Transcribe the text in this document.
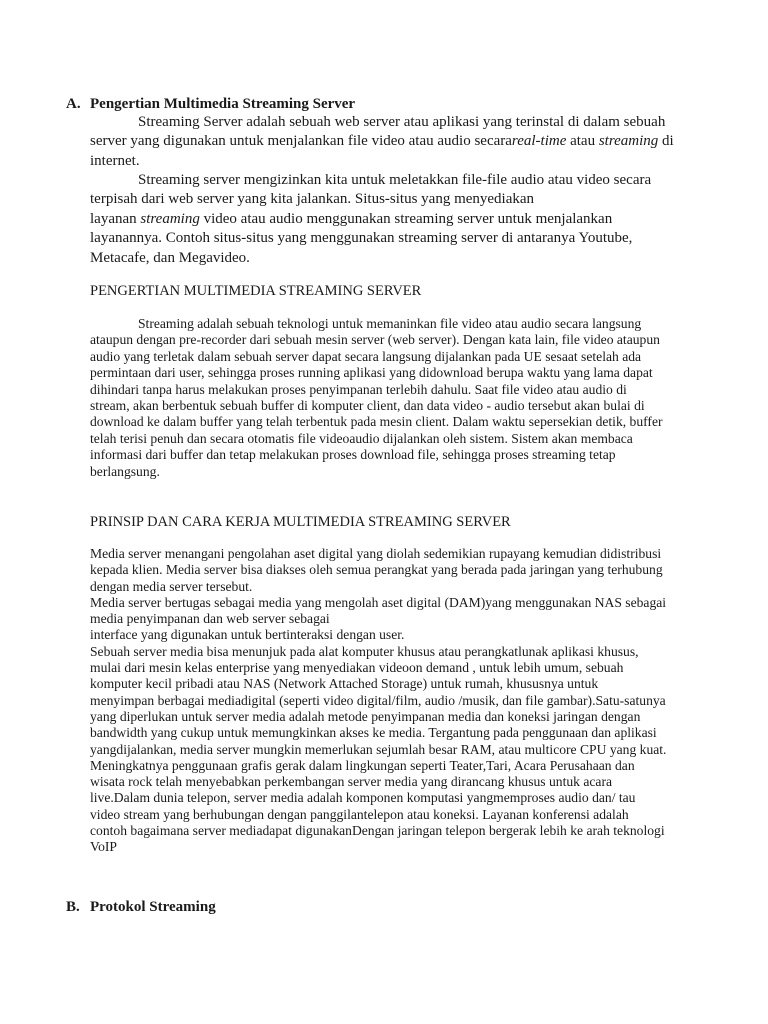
A. Pengertian Multimedia Streaming Server
Streaming Server adalah sebuah web server atau aplikasi yang terinstal di dalam sebuah
server yang digunakan untuk menjalankan file video atau audio secarareal-time atau streaming di
internet.
Streaming server mengizinkan kita untuk meletakkan file-file audio atau video secara
terpisah dari web server yang kita jalankan. Situs-situs yang menyediakan
layanan streaming video atau audio menggunakan streaming server untuk menjalankan
layanannya. Contoh situs-situs yang menggunakan streaming server di antaranya Youtube,
Metacafe, dan Megavideo.
PENGERTIAN MULTIMEDIA STREAMING SERVER
Streaming adalah sebuah teknologi untuk memaninkan file video atau audio secara langsung
ataupun dengan pre-recorder dari sebuah mesin server (web server). Dengan kata lain, file video ataupun
audio yang terletak dalam sebuah server dapat secara langsung dijalankan pada UE sesaat setelah ada
permintaan dari user, sehingga proses running aplikasi yang didownload berupa waktu yang lama dapat
dihindari tanpa harus melakukan proses penyimpanan terlebih dahulu. Saat file video atau audio di
stream, akan berbentuk sebuah buffer di komputer client, dan data video - audio tersebut akan bulai di
download ke dalam buffer yang telah terbentuk pada mesin client. Dalam waktu sepersekian detik, buffer
telah terisi penuh dan secara otomatis file videoaudio dijalankan oleh sistem. Sistem akan membaca
informasi dari buffer dan tetap melakukan proses download file, sehingga proses streaming tetap
berlangsung.
PRINSIP DAN CARA KERJA MULTIMEDIA STREAMING SERVER
Media server menangani pengolahan aset digital yang diolah sedemikian rupayang kemudian didistribusi
kepada klien. Media server bisa diakses oleh semua perangkat yang berada pada jaringan yang terhubung
dengan media server tersebut.
Media server bertugas sebagai media yang mengolah aset digital (DAM)yang menggunakan NAS sebagai
media penyimpanan dan web server sebagai
interface yang digunakan untuk bertinteraksi dengan user.
Sebuah server media bisa menunjuk pada alat komputer khusus atau perangkatlunak aplikasi khusus,
mulai dari mesin kelas enterprise yang menyediakan videoon demand , untuk lebih umum, sebuah
komputer kecil pribadi atau NAS (Network Attached Storage) untuk rumah, khususnya untuk
menyimpan berbagai mediadigital (seperti video digital/film, audio /musik, dan file gambar).Satu-satunya
yang diperlukan untuk server media adalah metode penyimpanan media dan koneksi jaringan dengan
bandwidth yang cukup untuk memungkinkan akses ke media. Tergantung pada penggunaan dan aplikasi
yangdijalankan, media server mungkin memerlukan sejumlah besar RAM, atau multicore CPU yang kuat.
Meningkatnya penggunaan grafis gerak dalam lingkungan seperti Teater,Tari, Acara Perusahaan dan
wisata rock telah menyebabkan perkembangan server media yang dirancang khusus untuk acara
live.Dalam dunia telepon, server media adalah komponen komputasi yangmemproses audio dan/ tau
video stream yang berhubungan dengan panggilantelepon atau koneksi. Layanan konferensi adalah
contoh bagaimana server mediadapat digunakanDengan jaringan telepon bergerak lebih ke arah teknologi
VoIP
B. Protokol Streaming
